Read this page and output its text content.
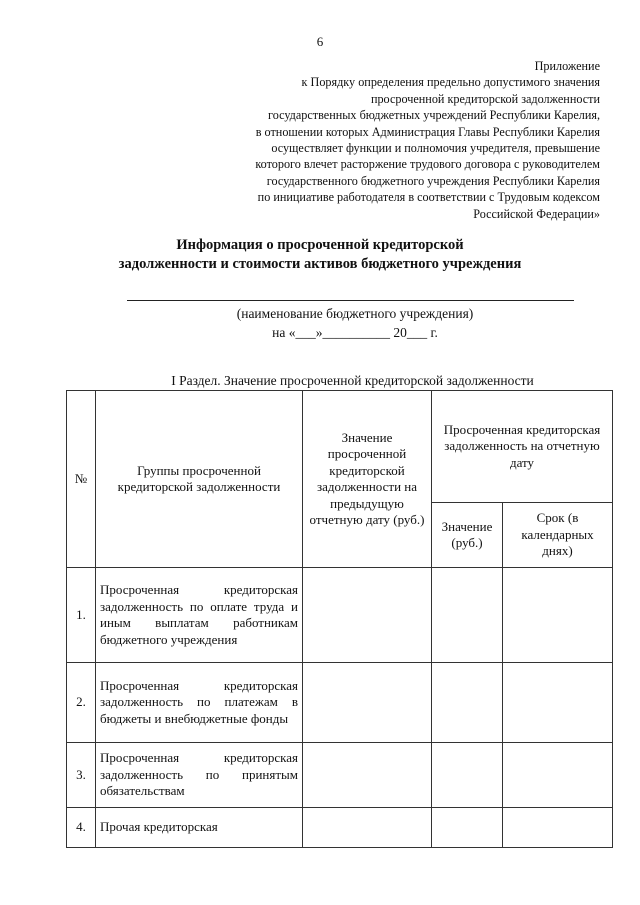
6
Приложение
к Порядку определения предельно допустимого значения
просроченной кредиторской задолженности
государственных бюджетных учреждений Республики Карелия,
в отношении которых Администрация Главы Республики Карелия
осуществляет функции и полномочия учредителя, превышение
которого влечет расторжение трудового договора с руководителем
государственного бюджетного учреждения Республики Карелия
по инициативе работодателя в соответствии с Трудовым кодексом
Российской Федерации»
Информация о просроченной кредиторской
задолженности и стоимости активов бюджетного учреждения
(наименование бюджетного учреждения)
на «___»__________ 20___ г.
I Раздел. Значение просроченной кредиторской задолженности
№	Группы просроченной кредиторской задолженности	Значение просроченной кредиторской задолженности на предыдущую отчетную дату (руб.)	Просроченная кредиторская задолженность на отчетную дату	
			Значение (руб.)	Срок (в календарных днях)
1.	Просроченная кредиторская задолженность по оплате труда и иным выплатам работникам бюджетного учреждения			
2.	Просроченная кредиторская задолженность по платежам в бюджеты и внебюджетные фонды			
3.	Просроченная кредиторская задолженность по принятым обязательствам			
4.	Прочая кредиторская			
